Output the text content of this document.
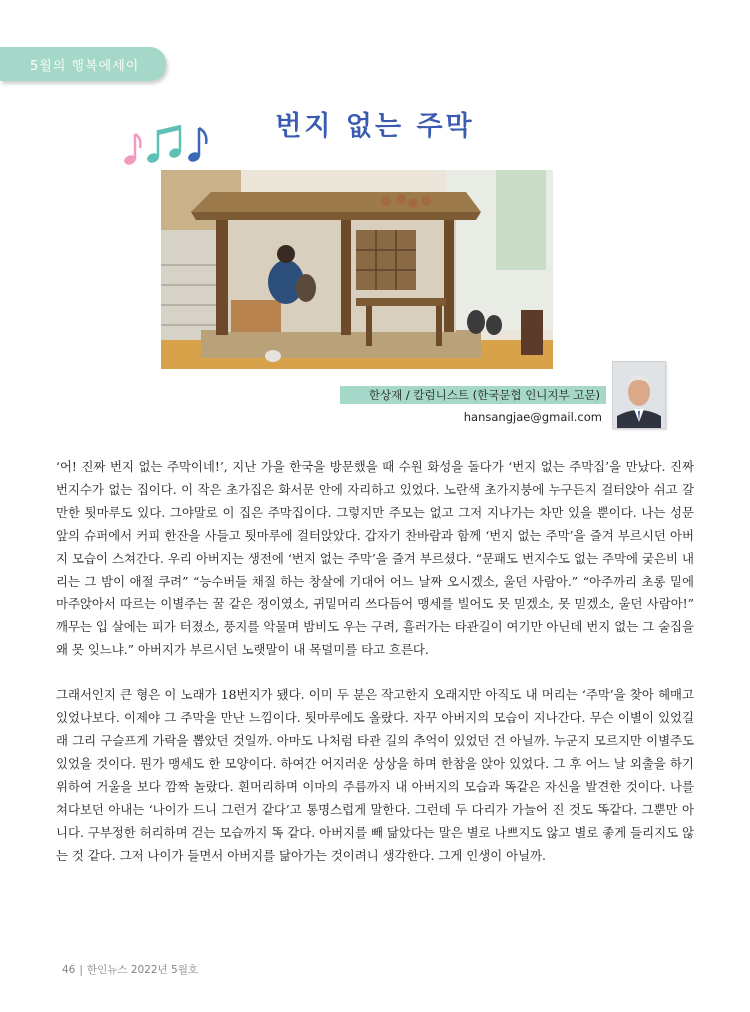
5월의 행복에세이
번지 없는 주막
한상재 / 칼럼니스트 (한국문협 인니지부 고문)
hansangjae@gmail.com

‘어! 진짜 번지 없는 주막이네!’, 지난 가을 한국을 방문했을 때 수원 화성을 돌다가 ‘번지 없는 주막집’을 만났다. 진짜 번지수가 없는 집이다. 이 작은 초가집은 화서문 안에 자리하고 있었다. 노란색 초가지붕에 누구든지 걸터앉아 쉬고 갈만한 툇마루도 있다. 그야말로 이 집은 주막집이다. 그렇지만 주모는 없고 그저 지나가는 차만 있을 뿐이다. 나는 성문 앞의 슈퍼에서 커피 한잔을 사들고 툇마루에 걸터앉았다. 갑자기 찬바람과 함께 ‘번지 없는 주막’을 즐겨 부르시던 아버지 모습이 스쳐간다. 우리 아버지는 생전에 ‘번지 없는 주막’을 즐겨 부르셨다. “문패도 번지수도 없는 주막에 궂은비 내리는 그 밤이 애절 쿠려” “능수버들 채질 하는 창살에 기대어 어느 날짜 오시겠소, 울던 사람아.” “아주까리 초롱 밑에 마주앉아서 따르는 이별주는 꿀 같은 정이였소, 귀밑머리 쓰다듬어 맹세를 빌어도 못 믿겠소, 못 믿겠소, 울던 사람아!” 깨무는 입 살에는 피가 터졌소, 풍지를 악물며 밤비도 우는 구려, 흘러가는 타관길이 여기만 아닌데 번지 없는 그 술집을 왜 못 잊느냐.” 아버지가 부르시던 노랫말이 내 목덜미를 타고 흐른다.

그래서인지 큰 형은 이 노래가 18번지가 됐다. 이미 두 분은 작고한지 오래지만 아직도 내 머리는 ‘주막’을 찾아 헤매고 있었나보다. 이제야 그 주막을 만난 느낌이다. 툇마루에도 올랐다. 자꾸 아버지의 모습이 지나간다. 무슨 이별이 있었길래 그리 구슬프게 가락을 뽑았던 것일까. 아마도 나처럼 타관 길의 추억이 있었던 건 아닐까. 누군지 모르지만 이별주도 있었을 것이다. 뭔가 맹세도 한 모양이다. 하여간 어지러운 상상을 하며 한참을 앉아 있었다. 그 후 어느 날 외출을 하기 위하여 거울을 보다 깜짝 놀랐다. 흰머리하며 이마의 주름까지 내 아버지의 모습과 똑같은 자신을 발견한 것이다. 나를 쳐다보던 아내는 ‘나이가 드니 그런거 같다’고 통명스럽게 말한다. 그런데 두 다리가 가늘어 진 것도 똑같다. 그뿐만 아니다. 구부정한 허리하며 걷는 모습까지 똑 같다. 아버지를 빼 닮았다는 말은 별로 나쁘지도 않고 별로 좋게 들리지도 않는 것 같다. 그저 나이가 들면서 아버지를 닮아가는 것이려니 생각한다. 그게 인생이 아닐까.

46 | 한인뉴스 2022년 5월호
